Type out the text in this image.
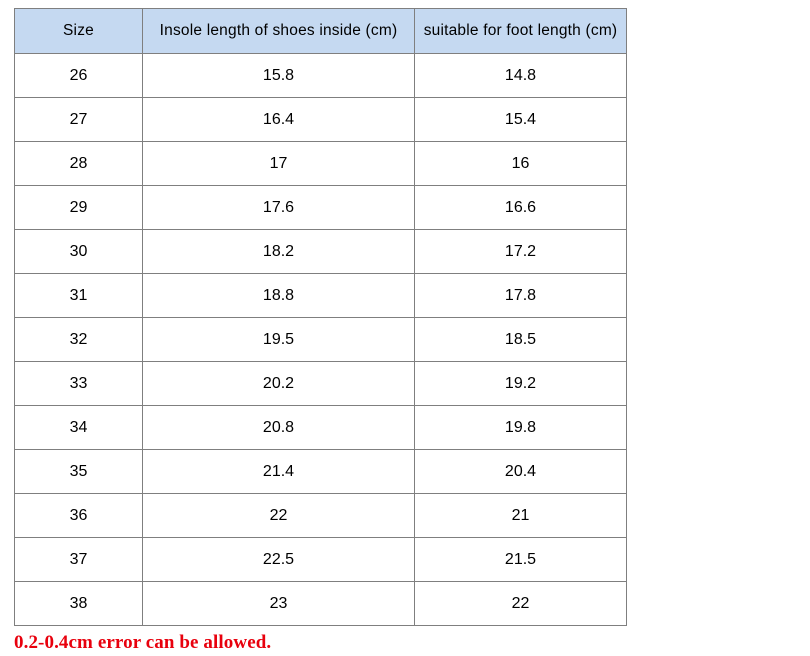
Size	Insole length of shoes inside (cm)	suitable for foot length (cm)
26	15.8	14.8
27	16.4	15.4
28	17	16
29	17.6	16.6
30	18.2	17.2
31	18.8	17.8
32	19.5	18.5
33	20.2	19.2
34	20.8	19.8
35	21.4	20.4
36	22	21
37	22.5	21.5
38	23	22
0.2-0.4cm error can be allowed.
